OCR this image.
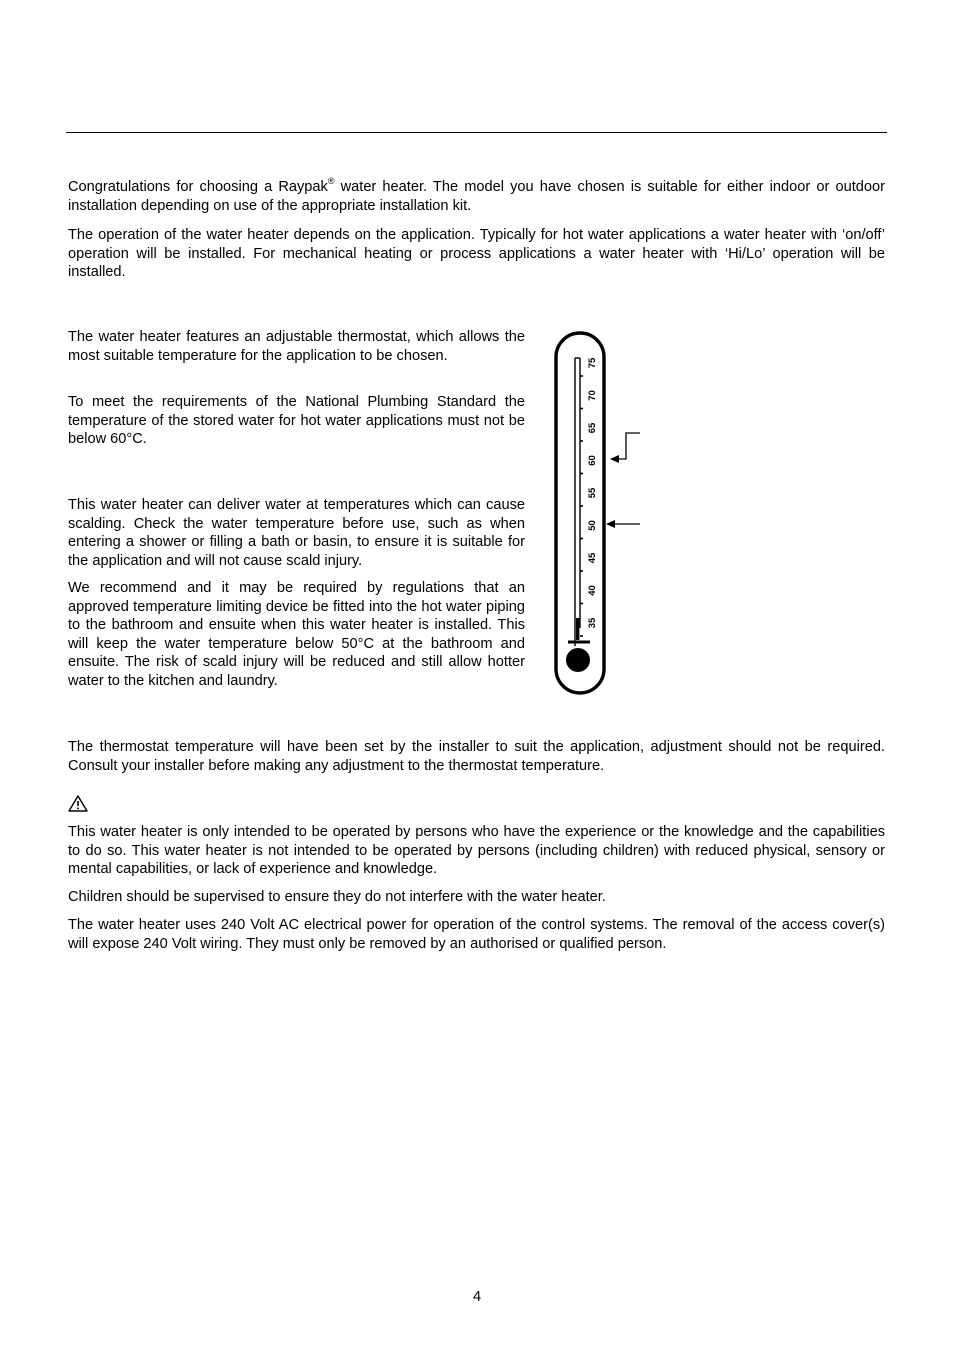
Congratulations for choosing a Raypak® water heater. The model you have chosen is suitable for either indoor or outdoor installation depending on use of the appropriate installation kit.

The operation of the water heater depends on the application. Typically for hot water applications a water heater with ‘on/off’ operation will be installed. For mechanical heating or process applications a water heater with ‘Hi/Lo’ operation will be installed.

The water heater features an adjustable thermostat, which allows the most suitable temperature for the application to be chosen.

To meet the requirements of the National Plumbing Standard the temperature of the stored water for hot water applications must not be below 60°C.

This water heater can deliver water at temperatures which can cause scalding. Check the water temperature before use, such as when entering a shower or filling a bath or basin, to ensure it is suitable for the application and will not cause scald injury.

We recommend and it may be required by regulations that an approved temperature limiting device be fitted into the hot water piping to the bathroom and ensuite when this water heater is installed. This will keep the water temperature below 50°C at the bathroom and ensuite. The risk of scald injury will be reduced and still allow hotter water to the kitchen and laundry.

75
70
65
60
55
50
45
40
35

The thermostat temperature will have been set by the installer to suit the application, adjustment should not be required. Consult your installer before making any adjustment to the thermostat temperature.

This water heater is only intended to be operated by persons who have the experience or the knowledge and the capabilities to do so. This water heater is not intended to be operated by persons (including children) with reduced physical, sensory or mental capabilities, or lack of experience and knowledge.

Children should be supervised to ensure they do not interfere with the water heater.

The water heater uses 240 Volt AC electrical power for operation of the control systems. The removal of the access cover(s) will expose 240 Volt wiring. They must only be removed by an authorised or qualified person.

4
